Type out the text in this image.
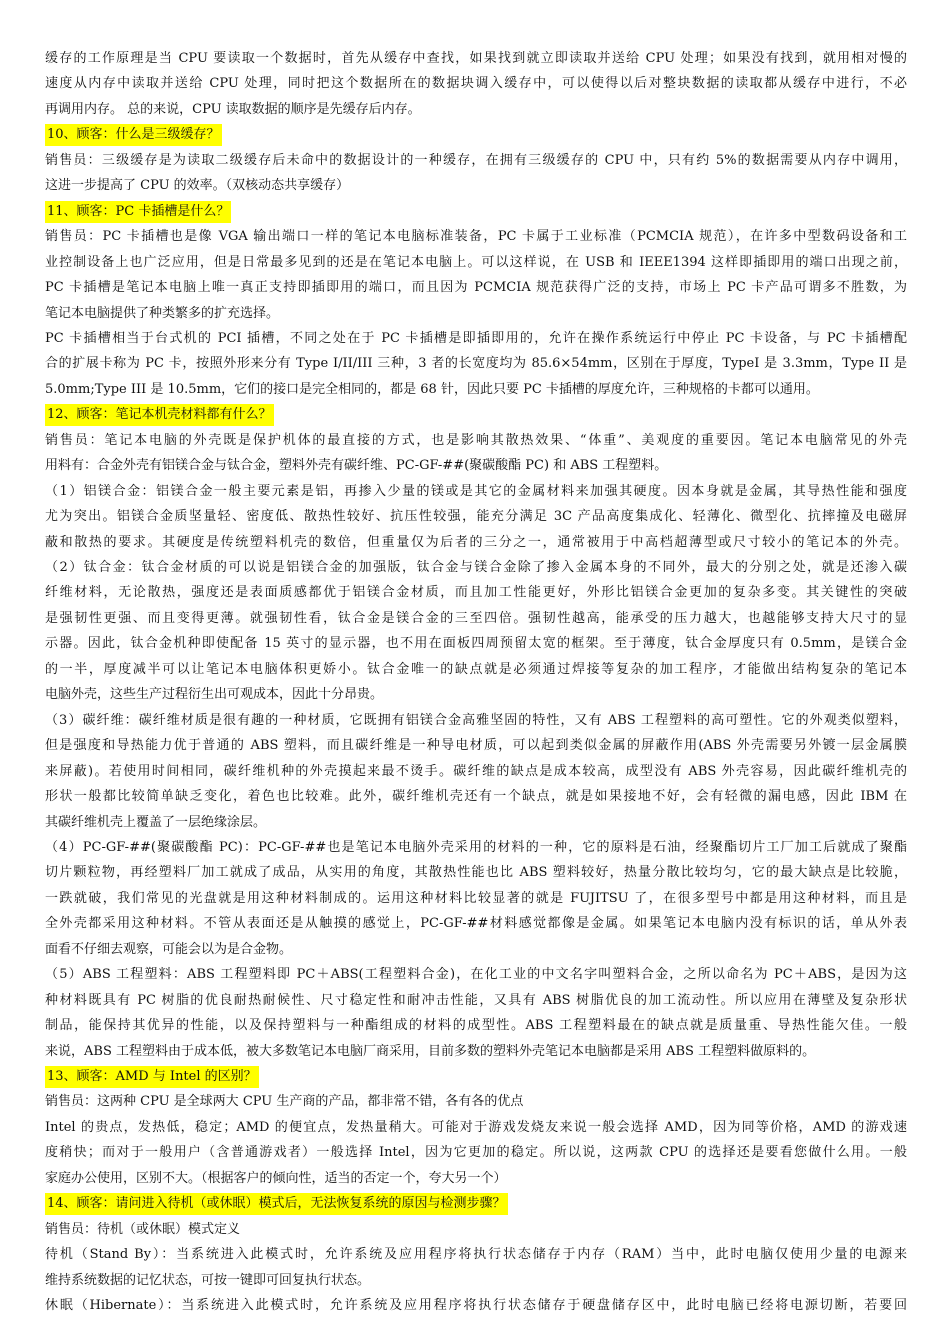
缓存的工作原理是当 CPU 要读取一个数据时，首先从缓存中查找，如果找到就立即读取并送给 CPU 处理；如果没有找到，就用相对慢的
速度从内存中读取并送给 CPU 处理，同时把这个数据所在的数据块调入缓存中，可以使得以后对整块数据的读取都从缓存中进行，不必
再调用内存。 总的来说，CPU 读取数据的顺序是先缓存后内存。
10、顾客：什么是三级缓存？
销售员：三级缓存是为读取二级缓存后未命中的数据设计的一种缓存，在拥有三级缓存的 CPU 中，只有约 5%的数据需要从内存中调用，
这进一步提高了 CPU 的效率。（双核动态共享缓存）
11、顾客：PC 卡插槽是什么？
销售员：PC 卡插槽也是像 VGA 输出端口一样的笔记本电脑标准装备，PC 卡属于工业标准（PCMCIA 规范），在许多中型数码设备和工
业控制设备上也广泛应用，但是日常最多见到的还是在笔记本电脑上。可以这样说，在 USB 和 IEEE1394 这样即插即用的端口出现之前，
PC 卡插槽是笔记本电脑上唯一真正支持即插即用的端口，而且因为 PCMCIA 规范获得广泛的支持，市场上 PC 卡产品可谓多不胜数，为
笔记本电脑提供了种类繁多的扩充选择。
PC 卡插槽相当于台式机的 PCI 插槽，不同之处在于 PC 卡插槽是即插即用的，允许在操作系统运行中停止 PC 卡设备，与 PC 卡插槽配
合的扩展卡称为 PC 卡，按照外形来分有 Type I/II/III 三种，3 者的长宽度均为 85.6×54mm，区别在于厚度，TypeI 是 3.3mm，Type II 是
5.0mm;Type III 是 10.5mm，它们的接口是完全相同的，都是 68 针，因此只要 PC 卡插槽的厚度允许，三种规格的卡都可以通用。
12、顾客：笔记本机壳材料都有什么？
销售员：笔记本电脑的外壳既是保护机体的最直接的方式，也是影响其散热效果、“体重”、美观度的重要因。笔记本电脑常见的外壳
用料有：合金外壳有铝镁合金与钛合金，塑料外壳有碳纤维、PC-GF-##(聚碳酸酯 PC) 和 ABS 工程塑料。
（1）铝镁合金：铝镁合金一般主要元素是铝，再掺入少量的镁或是其它的金属材料来加强其硬度。因本身就是金属，其导热性能和强度
尤为突出。铝镁合金质坚量轻、密度低、散热性较好、抗压性较强，能充分满足 3C 产品高度集成化、轻薄化、微型化、抗摔撞及电磁屏
蔽和散热的要求。其硬度是传统塑料机壳的数倍，但重量仅为后者的三分之一，通常被用于中高档超薄型或尺寸较小的笔记本的外壳。
（2）钛合金：钛合金材质的可以说是铝镁合金的加强版，钛合金与镁合金除了掺入金属本身的不同外，最大的分别之处，就是还渗入碳
纤维材料，无论散热，强度还是表面质感都优于铝镁合金材质，而且加工性能更好，外形比铝镁合金更加的复杂多变。其关键性的突破
是强韧性更强、而且变得更薄。就强韧性看，钛合金是镁合金的三至四倍。强韧性越高，能承受的压力越大，也越能够支持大尺寸的显
示器。因此，钛合金机种即使配备 15 英寸的显示器，也不用在面板四周预留太宽的框架。至于薄度，钛合金厚度只有 0.5mm，是镁合金
的一半，厚度减半可以让笔记本电脑体积更娇小。钛合金唯一的缺点就是必须通过焊接等复杂的加工程序，才能做出结构复杂的笔记本
电脑外壳，这些生产过程衍生出可观成本，因此十分昂贵。
（3）碳纤维：碳纤维材质是很有趣的一种材质，它既拥有铝镁合金高雅坚固的特性，又有 ABS 工程塑料的高可塑性。它的外观类似塑料，
但是强度和导热能力优于普通的 ABS 塑料，而且碳纤维是一种导电材质，可以起到类似金属的屏蔽作用(ABS 外壳需要另外镀一层金属膜
来屏蔽)。若使用时间相同，碳纤维机种的外壳摸起来最不烫手。碳纤维的缺点是成本较高，成型没有 ABS 外壳容易，因此碳纤维机壳的
形状一般都比较简单缺乏变化，着色也比较难。此外，碳纤维机壳还有一个缺点，就是如果接地不好，会有轻微的漏电感，因此 IBM 在
其碳纤维机壳上覆盖了一层绝缘涂层。
（4）PC-GF-##(聚碳酸酯 PC)：PC-GF-##也是笔记本电脑外壳采用的材料的一种，它的原料是石油，经聚酯切片工厂加工后就成了聚酯
切片颗粒物，再经塑料厂加工就成了成品，从实用的角度，其散热性能也比 ABS 塑料较好，热量分散比较均匀，它的最大缺点是比较脆，
一跌就破，我们常见的光盘就是用这种材料制成的。运用这种材料比较显著的就是 FUJITSU 了，在很多型号中都是用这种材料，而且是
全外壳都采用这种材料。不管从表面还是从触摸的感觉上，PC-GF-##材料感觉都像是金属。如果笔记本电脑内没有标识的话，单从外表
面看不仔细去观察，可能会以为是合金物。
（5）ABS 工程塑料：ABS 工程塑料即 PC＋ABS(工程塑料合金)，在化工业的中文名字叫塑料合金，之所以命名为 PC＋ABS，是因为这
种材料既具有 PC 树脂的优良耐热耐候性、尺寸稳定性和耐冲击性能，又具有 ABS 树脂优良的加工流动性。所以应用在薄壁及复杂形状
制品，能保持其优异的性能，以及保持塑料与一种酯组成的材料的成型性。ABS 工程塑料最在的缺点就是质量重、导热性能欠佳。一般
来说，ABS 工程塑料由于成本低，被大多数笔记本电脑厂商采用，目前多数的塑料外壳笔记本电脑都是采用 ABS 工程塑料做原料的。
13、顾客：AMD 与 Intel 的区别？
销售员：这两种 CPU 是全球两大 CPU 生产商的产品，都非常不错，各有各的优点
Intel 的贵点，发热低，稳定；AMD 的便宜点，发热量稍大。可能对于游戏发烧友来说一般会选择 AMD，因为同等价格，AMD 的游戏速
度稍快；而对于一般用户（含普通游戏者）一般选择 Intel，因为它更加的稳定。所以说，这两款 CPU 的选择还是要看您做什么用。一般
家庭办公使用，区别不大。（根据客户的倾向性，适当的否定一个，夸大另一个）
14、顾客：请问进入待机（或休眠）模式后，无法恢复系统的原因与检测步骤？
销售员：待机（或休眠）模式定义
待机（Stand By）：当系统进入此模式时，允许系统及应用程序将执行状态储存于内存（RAM）当中，此时电脑仅使用少量的电源来
维持系统数据的记忆状态，可按一键即可回复执行状态。
休眠（Hibernate）：当系统进入此模式时，允许系统及应用程序将执行状态储存于硬盘储存区中，此时电脑已经将电源切断，若要回
